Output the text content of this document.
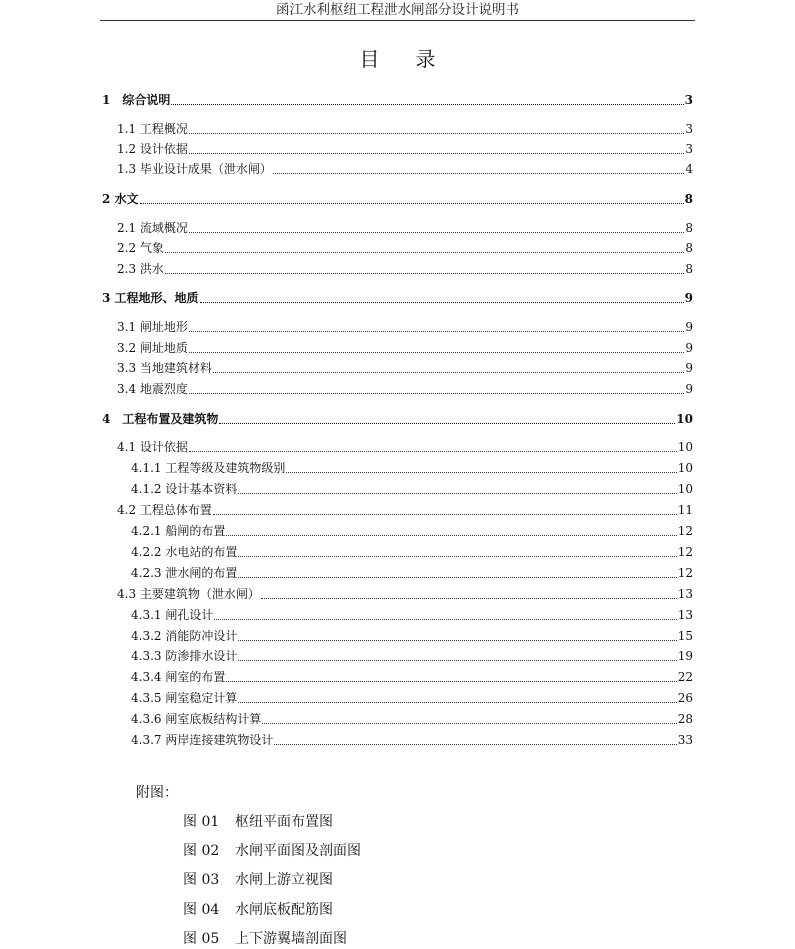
函江水利枢纽工程泄水闸部分设计说明书
目录
1　综合说明	3
1.1 工程概况	3
1.2 设计依据	3
1.3 毕业设计成果（泄水闸）	4
2 水文	8
2.1 流域概况	8
2.2 气象	8
2.3 洪水	8
3 工程地形、地质	9
3.1 闸址地形	9
3.2 闸址地质	9
3.3 当地建筑材料	9
3.4 地震烈度	9
4　工程布置及建筑物	10
4.1 设计依据	10
4.1.1 工程等级及建筑物级别	10
4.1.2 设计基本资料	10
4.2 工程总体布置	11
4.2.1 船闸的布置	12
4.2.2 水电站的布置	12
4.2.3 泄水闸的布置	12
4.3 主要建筑物（泄水闸）	13
4.3.1 闸孔设计	13
4.3.2 消能防冲设计	15
4.3.3 防渗排水设计	19
4.3.4 闸室的布置	22
4.3.5 闸室稳定计算	26
4.3.6 闸室底板结构计算	28
4.3.7 两岸连接建筑物设计	33
附图：
图 01 枢纽平面布置图
图 02 水闸平面图及剖面图
图 03 水闸上游立视图
图 04 水闸底板配筋图
图 05 上下游翼墙剖面图
